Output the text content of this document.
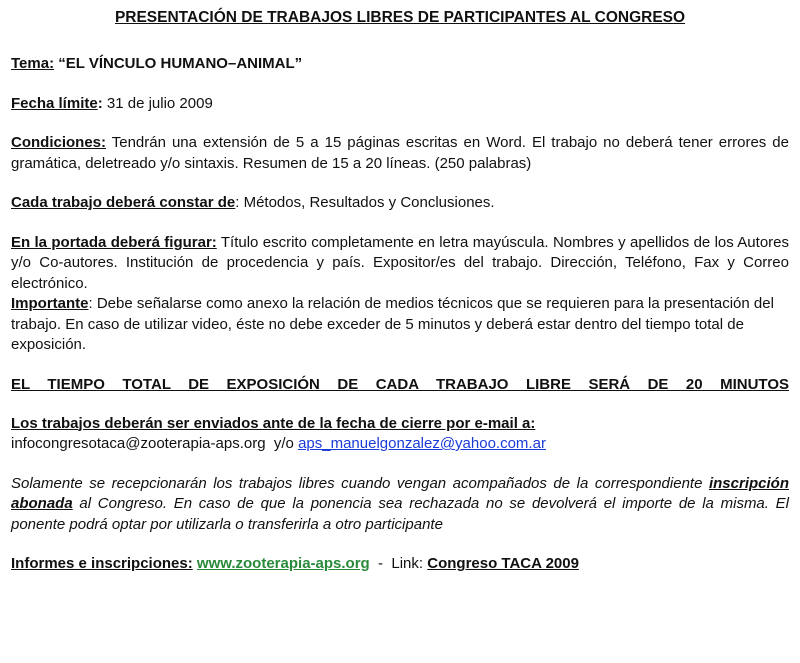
PRESENTACIÓN DE TRABAJOS LIBRES DE PARTICIPANTES AL CONGRESO
Tema: “EL VÍNCULO HUMANO–ANIMAL”
Fecha límite: 31 de julio 2009
Condiciones: Tendrán una extensión de 5 a 15 páginas escritas en Word. El trabajo no deberá tener errores de gramática, deletreado y/o sintaxis. Resumen de 15 a 20 líneas. (250 palabras)
Cada trabajo deberá constar de: Métodos, Resultados y Conclusiones.
En la portada deberá figurar: Título escrito completamente en letra mayúscula. Nombres y apellidos de los Autores y/o Co-autores. Institución de procedencia y país. Expositor/es del trabajo. Dirección, Teléfono, Fax y Correo electrónico.
Importante: Debe señalarse como anexo la relación de medios técnicos que se requieren para la presentación del trabajo. En caso de utilizar video, éste no debe exceder de 5 minutos y deberá estar dentro del tiempo total de exposición.
EL TIEMPO TOTAL DE EXPOSICIÓN DE CADA TRABAJO LIBRE SERÁ DE 20 MINUTOS
Los trabajos deberán ser enviados ante de la fecha de cierre por e-mail a:
infocongresotaca@zooterapia-aps.org  y/o aps_manuelgonzalez@yahoo.com.ar
Solamente se recepcionarán los trabajos libres cuando vengan acompañados de la correspondiente inscripción abonada al Congreso. En caso de que la ponencia sea rechazada no se devolverá el importe de la misma. El ponente podrá optar por utilizarla o transferirla a otro participante
Informes e inscripciones: www.zooterapia-aps.org  -  Link: Congreso TACA 2009
